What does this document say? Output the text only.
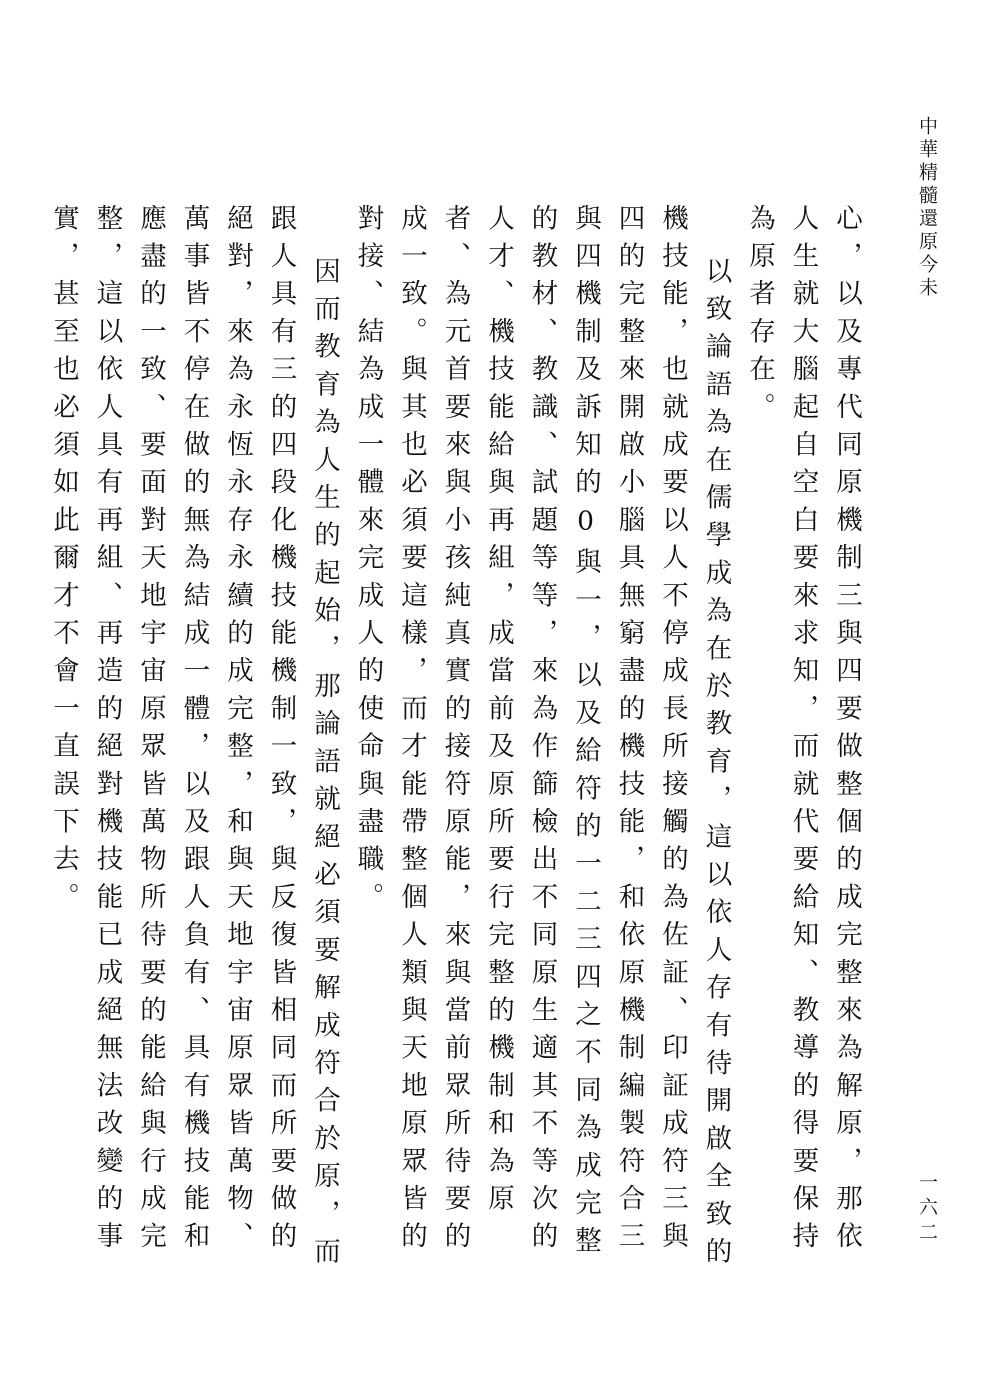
中華精髓還原今未
一六二

心，以及專代同原機制三與四要做整個的成完整來為解原，那依人生就大腦起自空白要來求知，而就代要給知、教導的得要保持為原者存在。

以致論語為在儒學成為在於教育，這以依人存有待開啟全致的機技能，也就成要以人不停成長所接觸的為佐証、印証成符三與四的完整來開啟小腦具無窮盡的機技能，和依原機制編製符合三與四機制及訴知的0與一，以及給符的一二三四之不同為成完整的教材、教識、試題等等，來為作篩檢出不同原生適其不等次的人才、機技能給與再組，成當前及原所要行完整的機制和為原者、為元首要來與小孩純真實的接符原能，來與當前眾所待要的成一致。與其也必須要這樣，而才能帶整個人類與天地原眾皆的對接、結為成一體來完成人的使命與盡職。

因而教育為人生的起始，那論語就絕必須要解成符合於原，而跟人具有三的四段化機技能機制一致，與反復皆相同而所要做的絕對，來為永恆永存永續的成完整，和與天地宇宙原眾皆萬物、萬事皆不停在做的無為結成一體，以及跟人負有、具有機技能和應盡的一致、要面對天地宇宙原眾皆萬物所待要的能給與行成完整，這以依人具有再組、再造的絕對機技能已成絕無法改變的事實，甚至也必須如此爾才不會一直誤下去。
